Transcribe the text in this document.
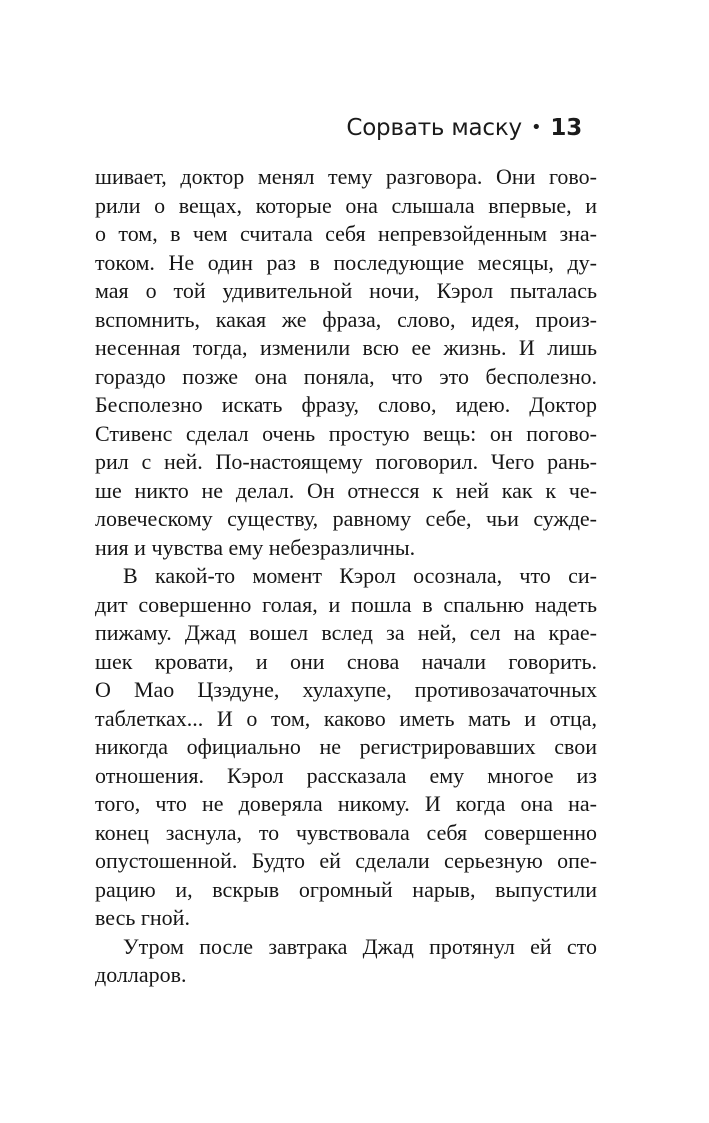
Сорвать маску • 13
шивает, доктор менял тему разговора. Они гово-
рили о вещах, которые она слышала впервые, и
о том, в чем считала себя непревзойденным зна-
током. Не один раз в последующие месяцы, ду-
мая о той удивительной ночи, Кэрол пыталась
вспомнить, какая же фраза, слово, идея, произ-
несенная тогда, изменили всю ее жизнь. И лишь
гораздо позже она поняла, что это бесполезно.
Бесполезно искать фразу, слово, идею. Доктор
Стивенс сделал очень простую вещь: он погово-
рил с ней. По-настоящему поговорил. Чего рань-
ше никто не делал. Он отнесся к ней как к че-
ловеческому существу, равному себе, чьи сужде-
ния и чувства ему небезразличны.
В какой-то момент Кэрол осознала, что си-
дит совершенно голая, и пошла в спальню надеть
пижаму. Джад вошел вслед за ней, сел на крае-
шек кровати, и они снова начали говорить.
О Мао Цзэдуне, хулахупе, противозачаточных
таблетках... И о том, каково иметь мать и отца,
никогда официально не регистрировавших свои
отношения. Кэрол рассказала ему многое из
того, что не доверяла никому. И когда она на-
конец заснула, то чувствовала себя совершенно
опустошенной. Будто ей сделали серьезную опе-
рацию и, вскрыв огромный нарыв, выпустили
весь гной.
Утром после завтрака Джад протянул ей сто
долларов.
